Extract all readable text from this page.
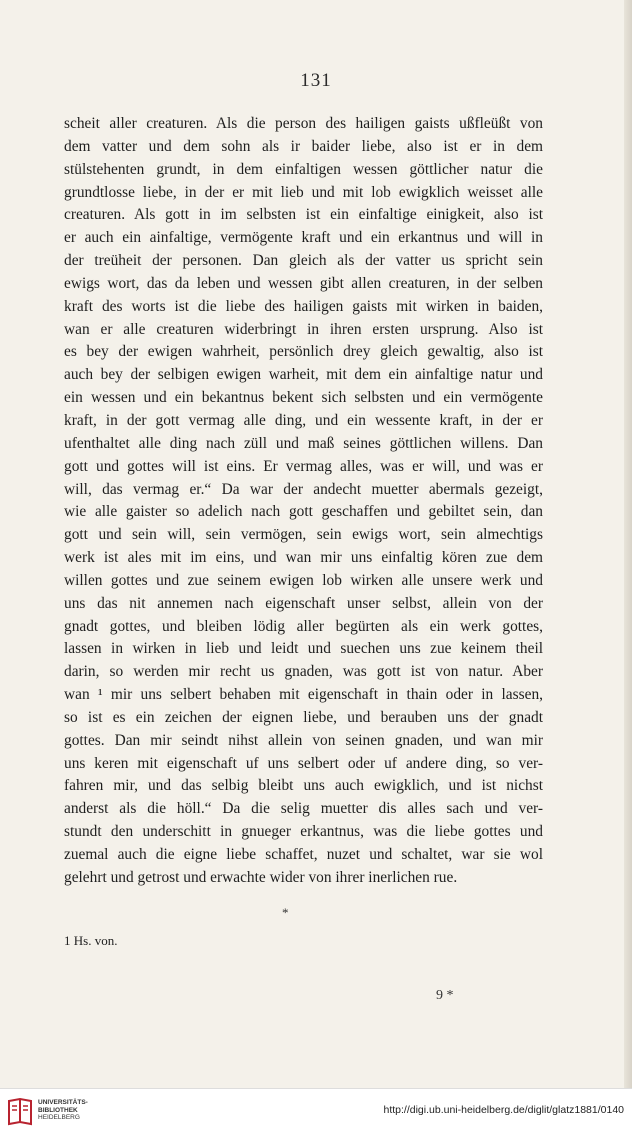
131
scheit aller creaturen. Als die person des hailigen gaists ußfleüßt von
dem vatter und dem sohn als ir baider liebe, also ist er in dem
stülstehenten grundt, in dem einfaltigen wessen göttlicher natur die
grundtlosse liebe, in der er mit lieb und mit lob ewigklich weisset alle
creaturen. Als gott in im selbsten ist ein einfaltige einigkeit, also ist
er auch ein ainfaltige, vermögente kraft und ein erkantnus und will in
der treüheit der personen. Dan gleich als der vatter us spricht sein
ewigs wort, das da leben und wessen gibt allen creaturen, in der selben
kraft des worts ist die liebe des hailigen gaists mit wirken in baiden,
wan er alle creaturen widerbringt in ihren ersten ursprung. Also ist
es bey der ewigen wahrheit, persönlich drey gleich gewaltig, also ist
auch bey der selbigen ewigen warheit, mit dem ein ainfaltige natur und
ein wessen und ein bekantnus bekent sich selbsten und ein vermögente
kraft, in der gott vermag alle ding, und ein wessente kraft, in der er
ufenthaltet alle ding nach züll und maß seines göttlichen willens. Dan
gott und gottes will ist eins. Er vermag alles, was er will, und was er
will, das vermag er.“ Da war der andecht muetter abermals gezeigt,
wie alle gaister so adelich nach gott geschaffen und gebiltet sein, dan
gott und sein will, sein vermögen, sein ewigs wort, sein almechtigs
werk ist ales mit im eins, und wan mir uns einfaltig kören zue dem
willen gottes und zue seinem ewigen lob wirken alle unsere werk und
uns das nit annemen nach eigenschaft unser selbst, allein von der
gnadt gottes, und bleiben lödig aller begürten als ein werk gottes,
lassen in wirken in lieb und leidt und suechen uns zue keinem theil
darin, so werden mir recht us gnaden, was gott ist von natur. Aber
wan ¹ mir uns selbert behaben mit eigenschaft in thain oder in lassen,
so ist es ein zeichen der eignen liebe, und berauben uns der gnadt
gottes. Dan mir seindt nihst allein von seinen gnaden, und wan mir
uns keren mit eigenschaft uf uns selbert oder uf andere ding, so ver-
fahren mir, und das selbig bleibt uns auch ewigklich, und ist nichst
anderst als die höll.“ Da die selig muetter dis alles sach und ver-
stundt den underschitt in gnueger erkantnus, was die liebe gottes und
zuemal auch die eigne liebe schaffet, nuzet und schaltet, war sie wol
gelehrt und getrost und erwachte wider von ihrer inerlichen rue.
*
1 Hs. von.
9 *
UNIVERSITÄTS-
BIBLIOTHEK
HEIDELBERG
http://digi.ub.uni-heidelberg.de/diglit/glatz1881/0140
